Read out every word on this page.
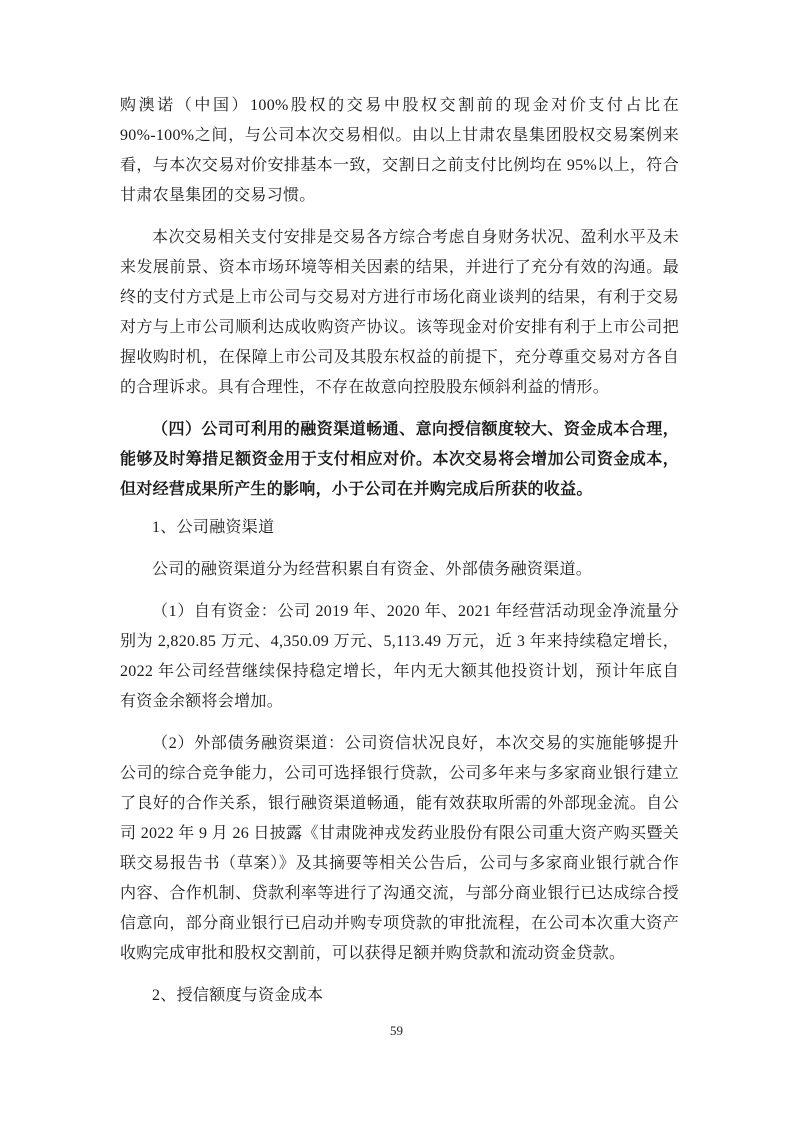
购澳诺（中国）100%股权的交易中股权交割前的现金对价支付占比在 90%-100%之间，与公司本次交易相似。由以上甘肃农垦集团股权交易案例来看，与本次交易对价安排基本一致，交割日之前支付比例均在 95%以上，符合甘肃农垦集团的交易习惯。

本次交易相关支付安排是交易各方综合考虑自身财务状况、盈利水平及未来发展前景、资本市场环境等相关因素的结果，并进行了充分有效的沟通。最终的支付方式是上市公司与交易对方进行市场化商业谈判的结果，有利于交易对方与上市公司顺利达成收购资产协议。该等现金对价安排有利于上市公司把握收购时机，在保障上市公司及其股东权益的前提下，充分尊重交易对方各自的合理诉求。具有合理性，不存在故意向控股股东倾斜利益的情形。

（四）公司可利用的融资渠道畅通、意向授信额度较大、资金成本合理，能够及时筹措足额资金用于支付相应对价。本次交易将会增加公司资金成本，但对经营成果所产生的影响，小于公司在并购完成后所获的收益。

1、公司融资渠道

公司的融资渠道分为经营积累自有资金、外部债务融资渠道。

（1）自有资金：公司 2019 年、2020 年、2021 年经营活动现金净流量分别为 2,820.85 万元、4,350.09 万元、5,113.49 万元，近 3 年来持续稳定增长，2022 年公司经营继续保持稳定增长，年内无大额其他投资计划，预计年底自有资金余额将会增加。

（2）外部债务融资渠道：公司资信状况良好，本次交易的实施能够提升公司的综合竞争能力，公司可选择银行贷款，公司多年来与多家商业银行建立了良好的合作关系，银行融资渠道畅通，能有效获取所需的外部现金流。自公司 2022 年 9 月 26 日披露《甘肃陇神戎发药业股份有限公司重大资产购买暨关联交易报告书（草案）》及其摘要等相关公告后，公司与多家商业银行就合作内容、合作机制、贷款利率等进行了沟通交流，与部分商业银行已达成综合授信意向，部分商业银行已启动并购专项贷款的审批流程，在公司本次重大资产收购完成审批和股权交割前，可以获得足额并购贷款和流动资金贷款。

2、授信额度与资金成本

59
